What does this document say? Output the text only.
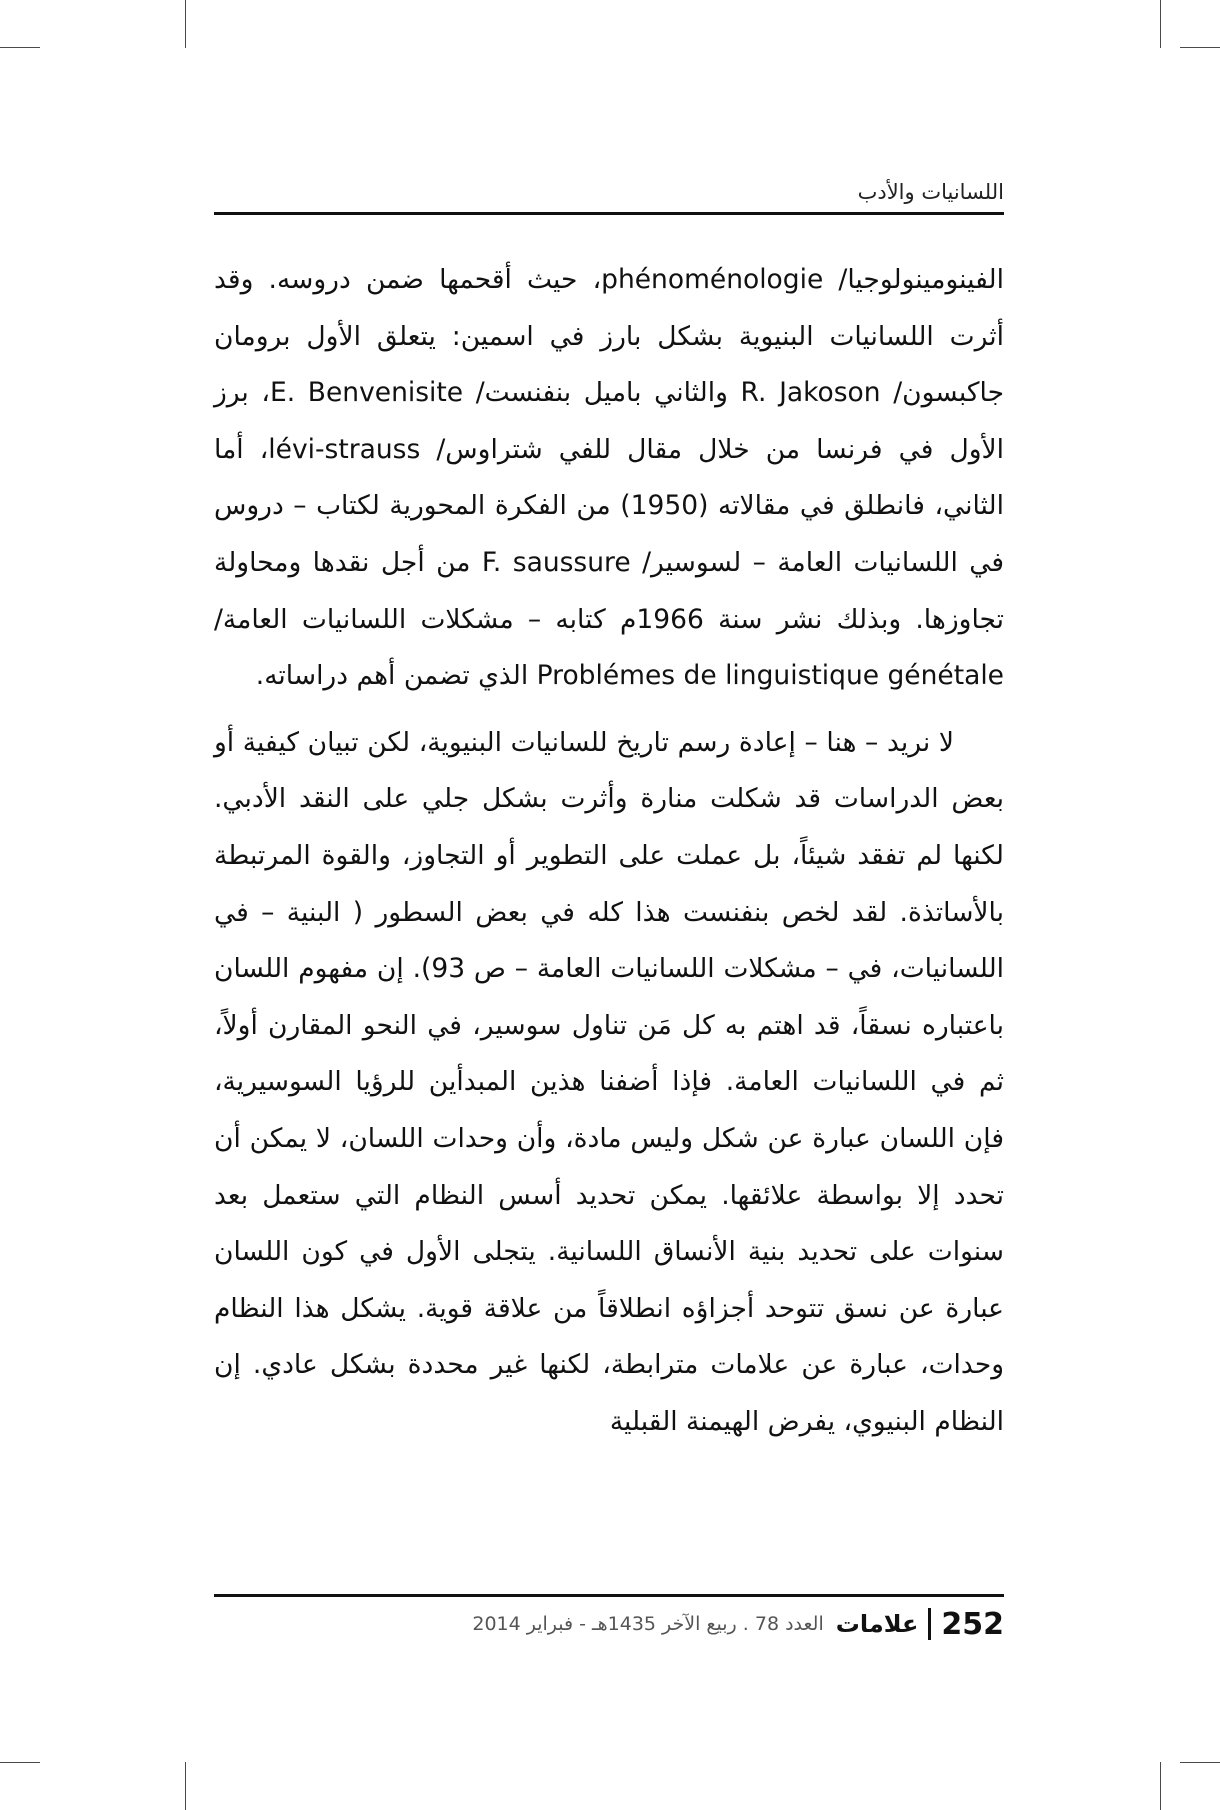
اللسانيات والأدب

الفينومينولوجيا/ phénoménologie، حيث أقحمها ضمن دروسه. وقد أثرت اللسانيات البنيوية بشكل بارز في اسمين: يتعلق الأول برومان جاكبسون/ R. Jakoson والثاني باميل بنفنست/ E. Benvenisite، برز الأول في فرنسا من خلال مقال للفي شتراوس/ lévi-strauss، أما الثاني، فانطلق في مقالاته (1950) من الفكرة المحورية لكتاب – دروس في اللسانيات العامة – لسوسير/ F. saussure من أجل نقدها ومحاولة تجاوزها. وبذلك نشر سنة 1966م كتابه – مشكلات اللسانيات العامة/ Problémes de linguistique génétale الذي تضمن أهم دراساته.

لا نريد – هنا – إعادة رسم تاريخ للسانيات البنيوية، لكن تبيان كيفية أو بعض الدراسات قد شكلت منارة وأثرت بشكل جلي على النقد الأدبي. لكنها لم تفقد شيئاً، بل عملت على التطوير أو التجاوز، والقوة المرتبطة بالأساتذة. لقد لخص بنفنست هذا كله في بعض السطور ( البنية – في اللسانيات، في – مشكلات اللسانيات العامة – ص 93). إن مفهوم اللسان باعتباره نسقاً، قد اهتم به كل مَن تناول سوسير، في النحو المقارن أولاً، ثم في اللسانيات العامة. فإذا أضفنا هذين المبدأين للرؤيا السوسيرية، فإن اللسان عبارة عن شكل وليس مادة، وأن وحدات اللسان، لا يمكن أن تحدد إلا بواسطة علائقها. يمكن تحديد أسس النظام التي ستعمل بعد سنوات على تحديد بنية الأنساق اللسانية. يتجلى الأول في كون اللسان عبارة عن نسق تتوحد أجزاؤه انطلاقاً من علاقة قوية. يشكل هذا النظام وحدات، عبارة عن علامات مترابطة، لكنها غير محددة بشكل عادي. إن النظام البنيوي، يفرض الهيمنة القبلية

252
علامات
العدد 78 . ربيع الآخر 1435هـ - فبراير 2014
